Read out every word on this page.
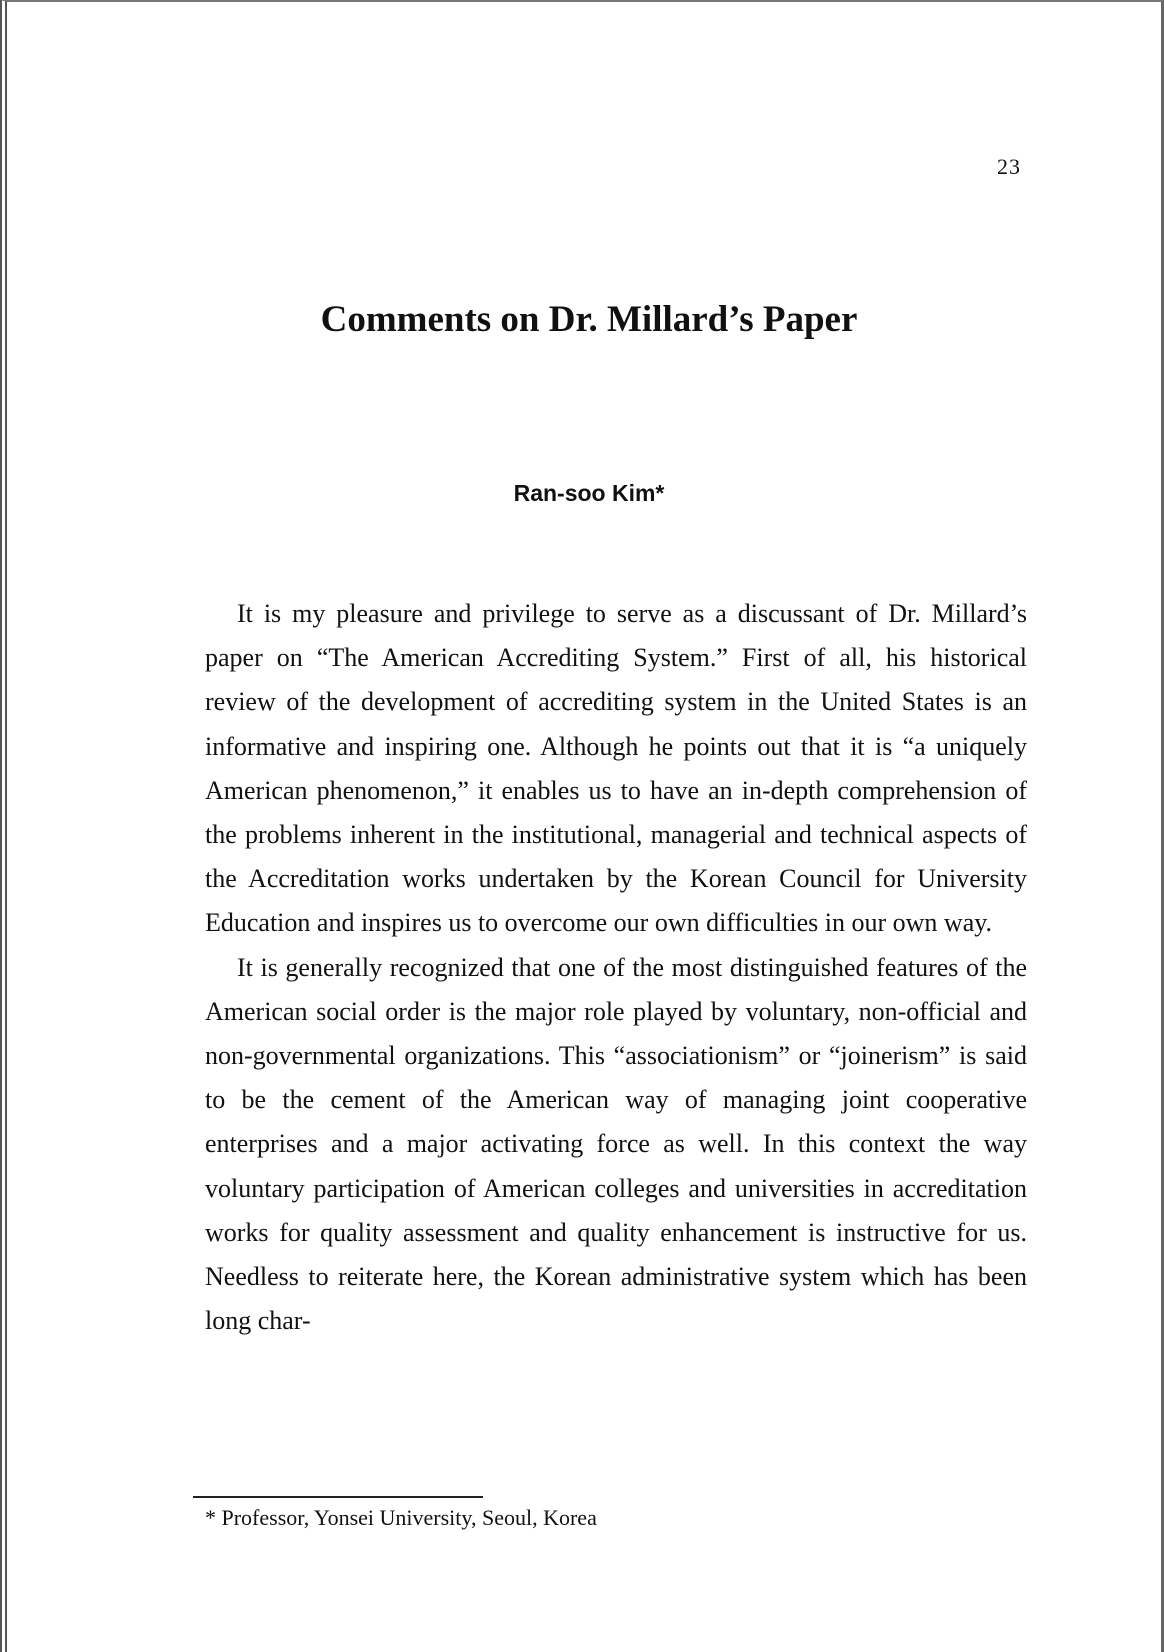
23
Comments on Dr. Millard’s Paper
Ran-soo Kim*

It is my pleasure and privilege to serve as a discussant of Dr. Millard’s paper on “The American Accrediting System.” First of all, his historical review of the development of accrediting system in the United States is an informative and inspiring one. Although he points out that it is “a uniquely American phenomenon,” it enables us to have an in-depth comprehension of the problems inherent in the institutional, managerial and technical aspects of the Accreditation works undertaken by the Korean Council for University Education and inspires us to overcome our own difficulties in our own way.

It is generally recognized that one of the most distinguished features of the American social order is the major role played by voluntary, non-official and non-governmental organizations. This “associationism” or “joinerism” is said to be the cement of the American way of managing joint cooperative enterprises and a major activating force as well. In this context the way voluntary participation of American colleges and universities in accreditation works for quality assessment and quality enhancement is instructive for us. Needless to reiterate here, the Korean administrative system which has been long char-

* Professor, Yonsei University, Seoul, Korea
